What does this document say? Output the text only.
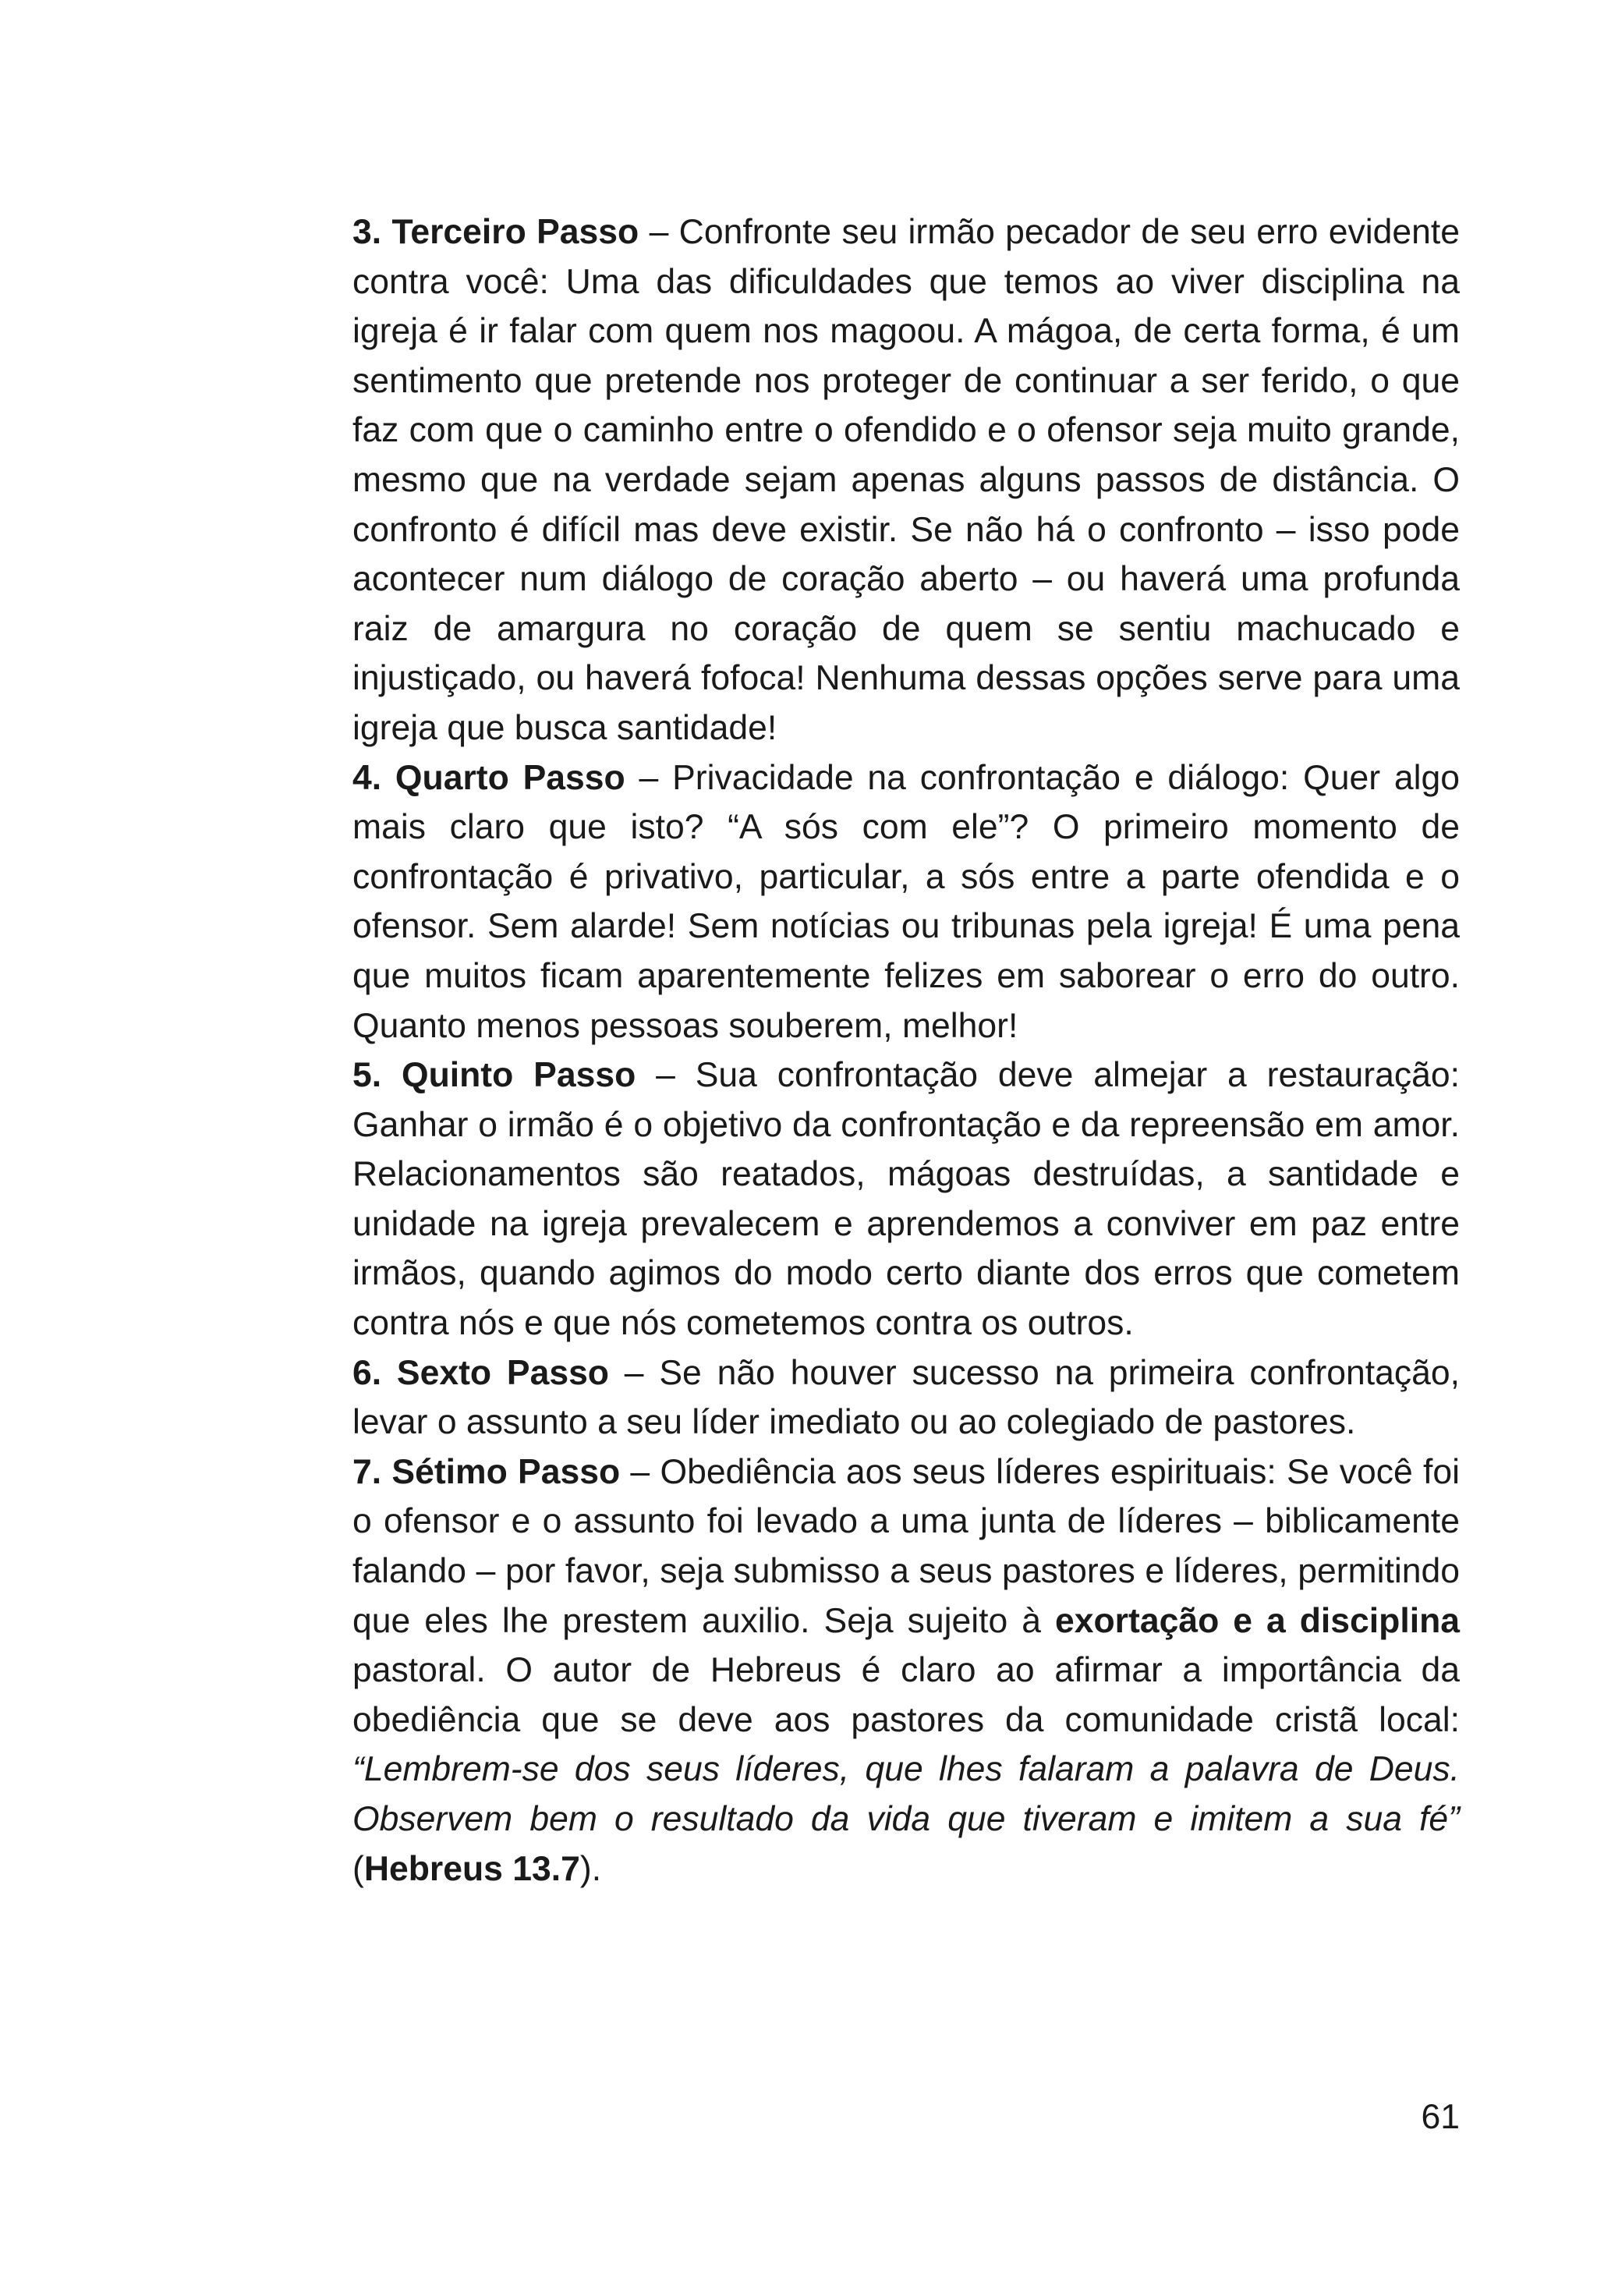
3. Terceiro Passo – Confronte seu irmão pecador de seu erro evidente contra você: Uma das dificuldades que temos ao viver disciplina na igreja é ir falar com quem nos magoou. A mágoa, de certa forma, é um sentimento que pretende nos proteger de continuar a ser ferido, o que faz com que o caminho entre o ofendido e o ofensor seja muito grande, mesmo que na verdade sejam apenas alguns passos de distância. O confronto é difícil mas deve existir. Se não há o confronto – isso pode acontecer num diálogo de coração aberto – ou haverá uma profunda raiz de amargura no coração de quem se sentiu machucado e injustiçado, ou haverá fofoca! Nenhuma dessas opções serve para uma igreja que busca santidade!

4. Quarto Passo – Privacidade na confrontação e diálogo: Quer algo mais claro que isto? “A sós com ele”? O primeiro momento de confrontação é privativo, particular, a sós entre a parte ofendida e o ofensor. Sem alarde! Sem notícias ou tribunas pela igreja! É uma pena que muitos ficam aparentemente felizes em saborear o erro do outro. Quanto menos pessoas souberem, melhor!

5. Quinto Passo – Sua confrontação deve almejar a restauração: Ganhar o irmão é o objetivo da confrontação e da repreensão em amor. Relacionamentos são reatados, mágoas destruídas, a santidade e unidade na igreja prevalecem e aprendemos a conviver em paz entre irmãos, quando agimos do modo certo diante dos erros que cometem contra nós e que nós cometemos contra os outros.

6. Sexto Passo – Se não houver sucesso na primeira confrontação, levar o assunto a seu líder imediato ou ao colegiado de pastores.

7. Sétimo Passo – Obediência aos seus líderes espirituais: Se você foi o ofensor e o assunto foi levado a uma junta de líderes – biblicamente falando – por favor, seja submisso a seus pastores e líderes, permitindo que eles lhe prestem auxilio. Seja sujeito à exortação e a disciplina pastoral. O autor de Hebreus é claro ao afirmar a importância da obediência que se deve aos pastores da comunidade cristã local: “Lembrem-se dos seus líderes, que lhes falaram a palavra de Deus. Observem bem o resultado da vida que tiveram e imitem a sua fé” (Hebreus 13.7).

61
